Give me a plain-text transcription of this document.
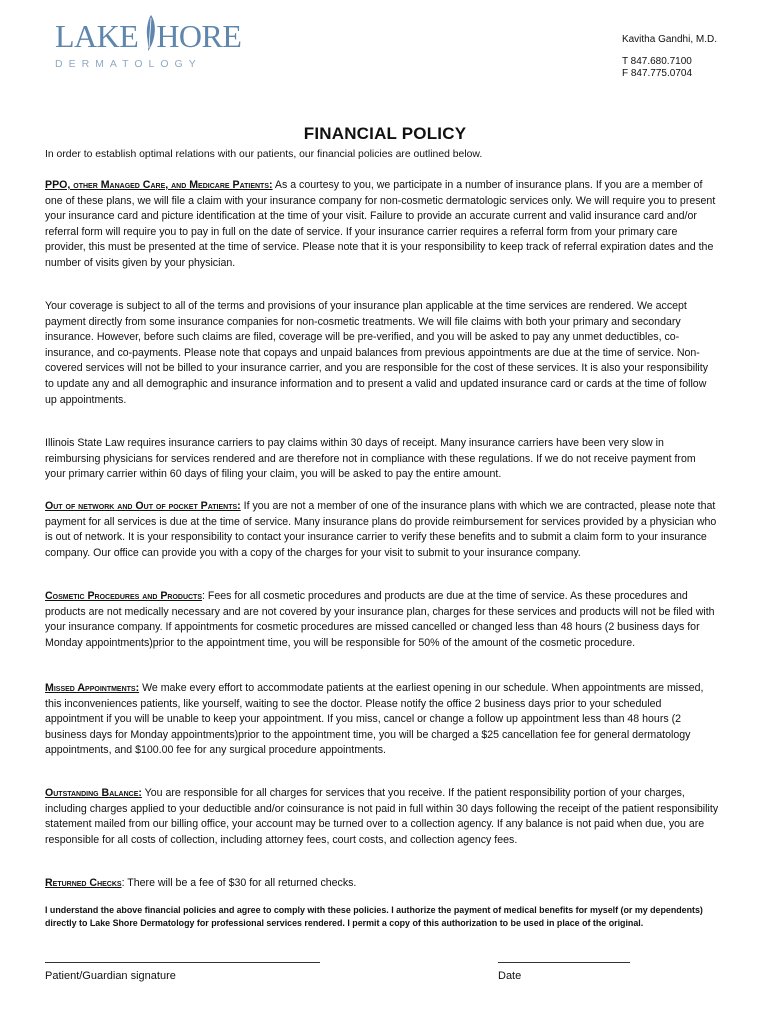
LAKE HORE
DERMATOLOGY
Kavitha Gandhi, M.D.
T 847.680.7100
F 847.775.0704
FINANCIAL POLICY
In order to establish optimal relations with our patients, our financial policies are outlined below.

PPO, other Managed Care, and Medicare Patients: As a courtesy to you, we participate in a number of insurance plans. If you are a member of one of these plans, we will file a claim with your insurance company for non-cosmetic dermatologic services only. We will require you to present your insurance card and picture identification at the time of your visit. Failure to provide an accurate current and valid insurance card and/or referral form will require you to pay in full on the date of service. If your insurance carrier requires a referral form from your primary care provider, this must be presented at the time of service. Please note that it is your responsibility to keep track of referral expiration dates and the number of visits given by your physician.

Your coverage is subject to all of the terms and provisions of your insurance plan applicable at the time services are rendered. We accept payment directly from some insurance companies for non-cosmetic treatments. We will file claims with both your primary and secondary insurance. However, before such claims are filed, coverage will be pre-verified, and you will be asked to pay any unmet deductibles, co-insurance, and co-payments. Please note that copays and unpaid balances from previous appointments are due at the time of service. Non-covered services will not be billed to your insurance carrier, and you are responsible for the cost of these services. It is also your responsibility to update any and all demographic and insurance information and to present a valid and updated insurance card or cards at the time of follow up appointments.

Illinois State Law requires insurance carriers to pay claims within 30 days of receipt. Many insurance carriers have been very slow in reimbursing physicians for services rendered and are therefore not in compliance with these regulations. If we do not receive payment from your primary carrier within 60 days of filing your claim, you will be asked to pay the entire amount.

Out of network and Out of pocket Patients: If you are not a member of one of the insurance plans with which we are contracted, please note that payment for all services is due at the time of service. Many insurance plans do provide reimbursement for services provided by a physician who is out of network. It is your responsibility to contact your insurance carrier to verify these benefits and to submit a claim form to your insurance company. Our office can provide you with a copy of the charges for your visit to submit to your insurance company.

Cosmetic Procedures and Products: Fees for all cosmetic procedures and products are due at the time of service. As these procedures and products are not medically necessary and are not covered by your insurance plan, charges for these services and products will not be filed with your insurance company. If appointments for cosmetic procedures are missed cancelled or changed less than 48 hours (2 business days for Monday appointments)prior to the appointment time, you will be responsible for 50% of the amount of the cosmetic procedure.

Missed Appointments: We make every effort to accommodate patients at the earliest opening in our schedule. When appointments are missed, this inconveniences patients, like yourself, waiting to see the doctor. Please notify the office 2 business days prior to your scheduled appointment if you will be unable to keep your appointment. If you miss, cancel or change a follow up appointment less than 48 hours (2 business days for Monday appointments)prior to the appointment time, you will be charged a $25 cancellation fee for general dermatology appointments, and $100.00 fee for any surgical procedure appointments.

Outstanding Balance: You are responsible for all charges for services that you receive. If the patient responsibility portion of your charges, including charges applied to your deductible and/or coinsurance is not paid in full within 30 days following the receipt of the patient responsibility statement mailed from our billing office, your account may be turned over to a collection agency. If any balance is not paid when due, you are responsible for all costs of collection, including attorney fees, court costs, and collection agency fees.

Returned Checks: There will be a fee of $30 for all returned checks.

I understand the above financial policies and agree to comply with these policies. I authorize the payment of medical benefits for myself (or my dependents) directly to Lake Shore Dermatology for professional services rendered. I permit a copy of this authorization to be used in place of the original.

Patient/Guardian signature	Date
